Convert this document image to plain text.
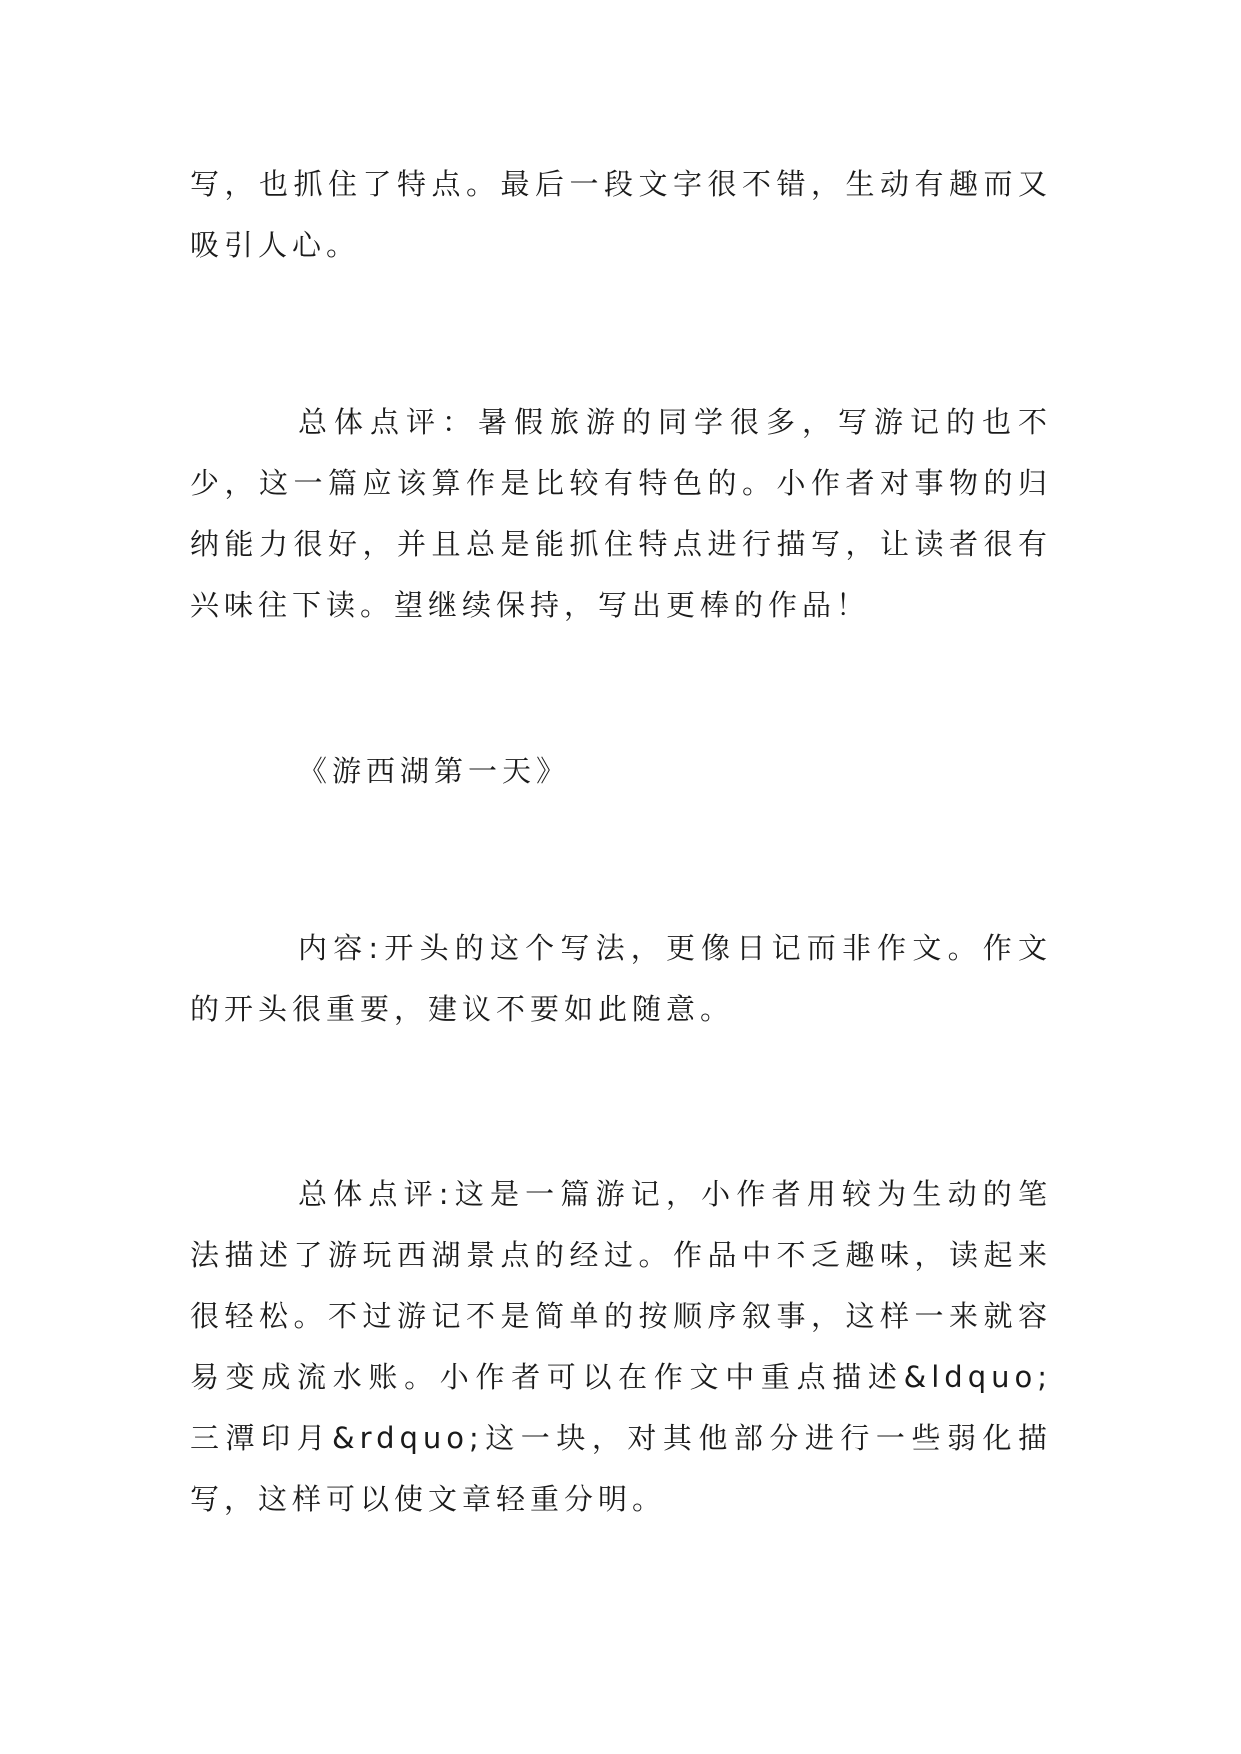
写，也抓住了特点。最后一段文字很不错，生动有趣而又吸引人心。

总体点评：暑假旅游的同学很多，写游记的也不少，这一篇应该算作是比较有特色的。小作者对事物的归纳能力很好，并且总是能抓住特点进行描写，让读者很有兴味往下读。望继续保持，写出更棒的作品！

《游西湖第一天》

内容:开头的这个写法，更像日记而非作文。作文的开头很重要，建议不要如此随意。

总体点评:这是一篇游记，小作者用较为生动的笔法描述了游玩西湖景点的经过。作品中不乏趣味，读起来很轻松。不过游记不是简单的按顺序叙事，这样一来就容易变成流水账。小作者可以在作文中重点描述&ldquo;三潭印月&rdquo;这一块，对其他部分进行一些弱化描写，这样可以使文章轻重分明。
